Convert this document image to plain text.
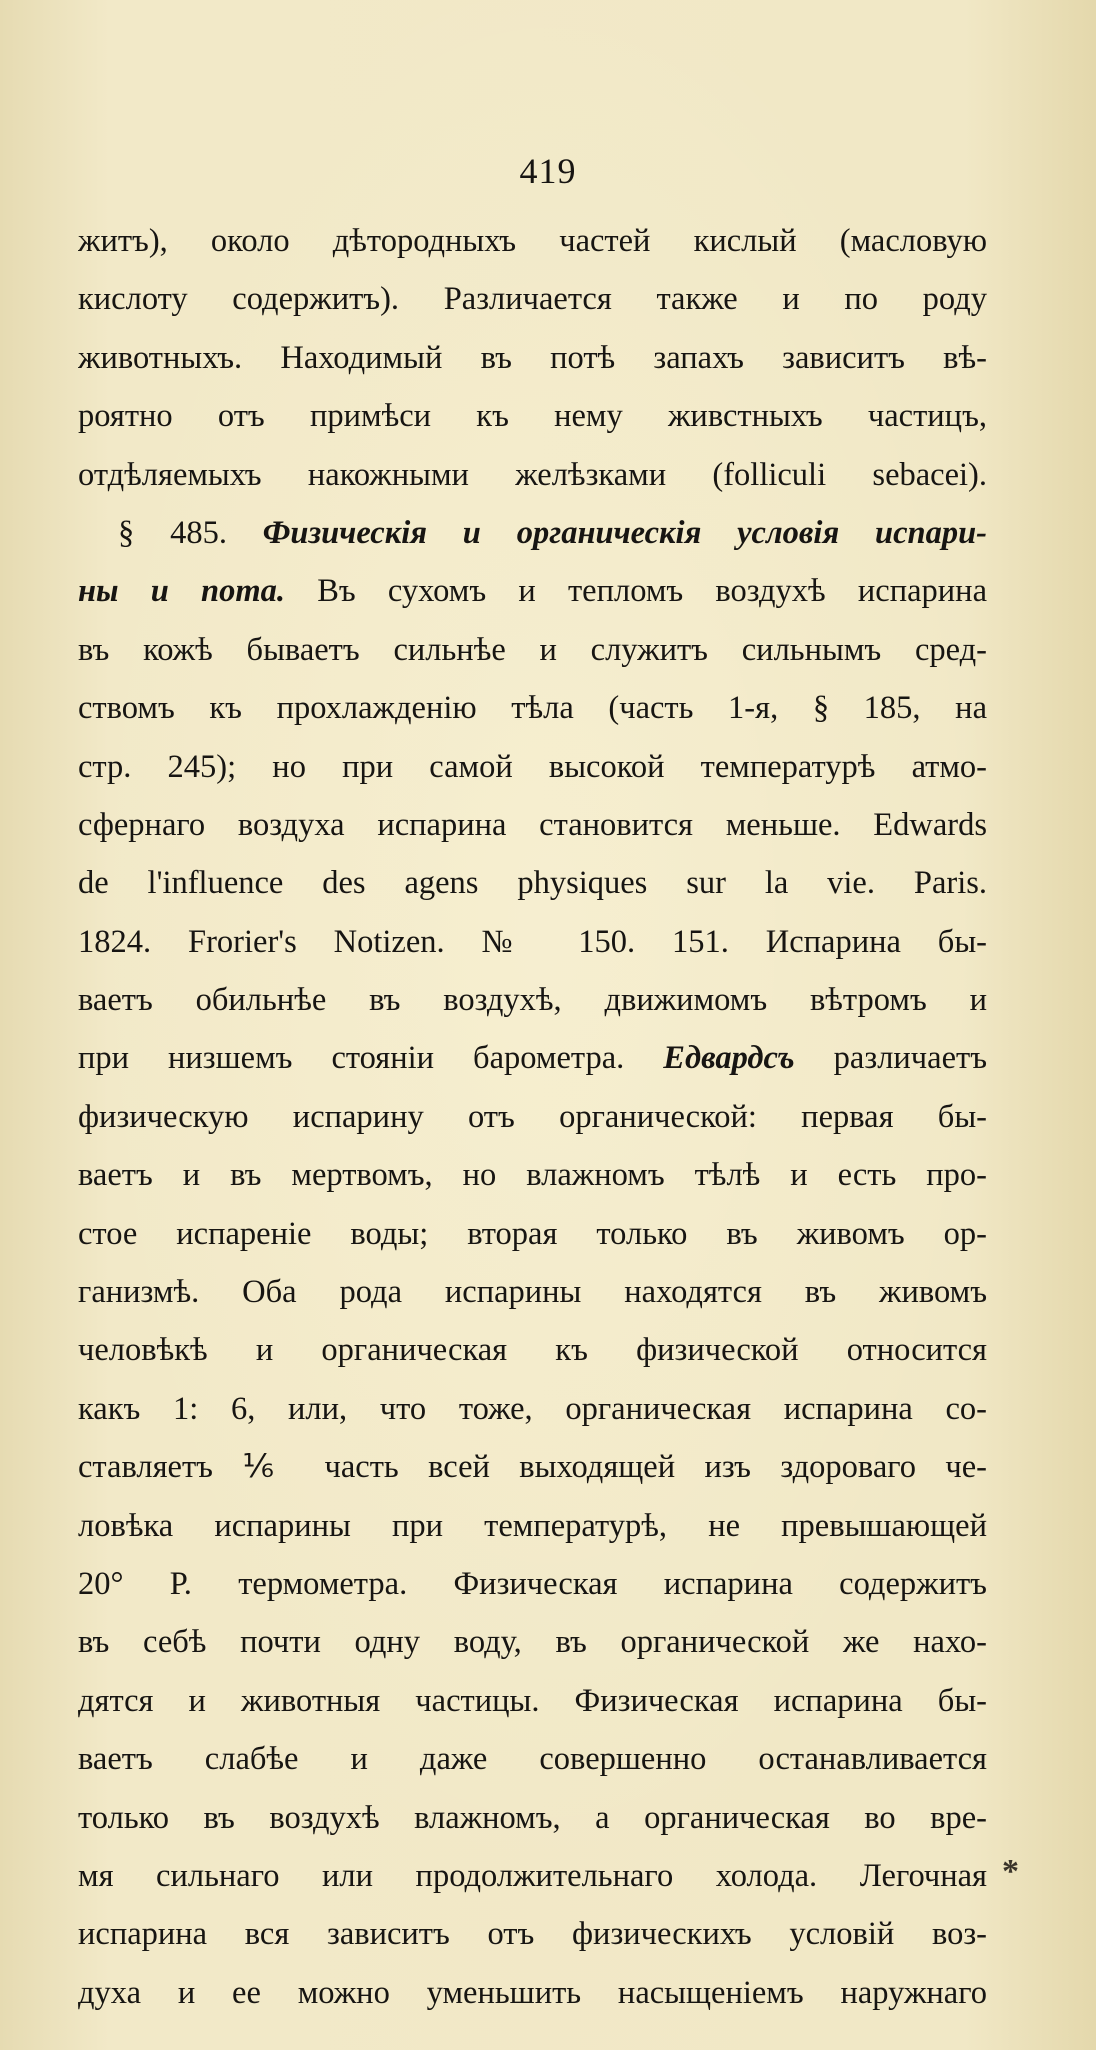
419
житъ), около дѣтородныхъ частей кислый (масловую
кислоту содержитъ). Различается также и по роду
животныхъ. Находимый въ потѣ запахъ зависитъ вѣ-
роятно отъ примѣси къ нему живстныхъ частицъ,
отдѣляемыхъ накожными желѣзками (folliculi sebacei).
§ 485. Физическія и органическія условія испари-
ны и пота. Въ сухомъ и тепломъ воздухѣ испарина
въ кожѣ бываетъ сильнѣе и служитъ сильнымъ сред-
ствомъ къ прохлажденію тѣла (часть 1-я, § 185, на
стр. 245); но при самой высокой температурѣ атмо-
сфернаго воздуха испарина становится меньше. Edwards
de l'influence des agens physiques sur la vie. Paris.
1824. Frorier's Notizen. № 150. 151. Испарина бы-
ваетъ обильнѣе въ воздухѣ, движимомъ вѣтромъ и
при низшемъ стояніи барометра. Едвардсъ различаетъ
физическую испарину отъ органической: первая бы-
ваетъ и въ мертвомъ, но влажномъ тѣлѣ и есть про-
стое испареніе воды; вторая только въ живомъ ор-
ганизмѣ. Оба рода испарины находятся въ живомъ
человѣкѣ и органическая къ физической относится
какъ 1: 6, или, что тоже, органическая испарина со-
ставляетъ ⅙ часть всей выходящей изъ здороваго че-
ловѣка испарины при температурѣ, не превышающей
20° Р. термометра. Физическая испарина содержитъ
въ себѣ почти одну воду, въ органической же нахо-
дятся и животныя частицы. Физическая испарина бы-
ваетъ слабѣе и даже совершенно останавливается
только въ воздухѣ влажномъ, а органическая во вре-
мя сильнаго или продолжительнаго холода. Легочная
испарина вся зависитъ отъ физическихъ условій воз-
духа и ее можно уменьшить насыщеніемъ наружнаго
*
